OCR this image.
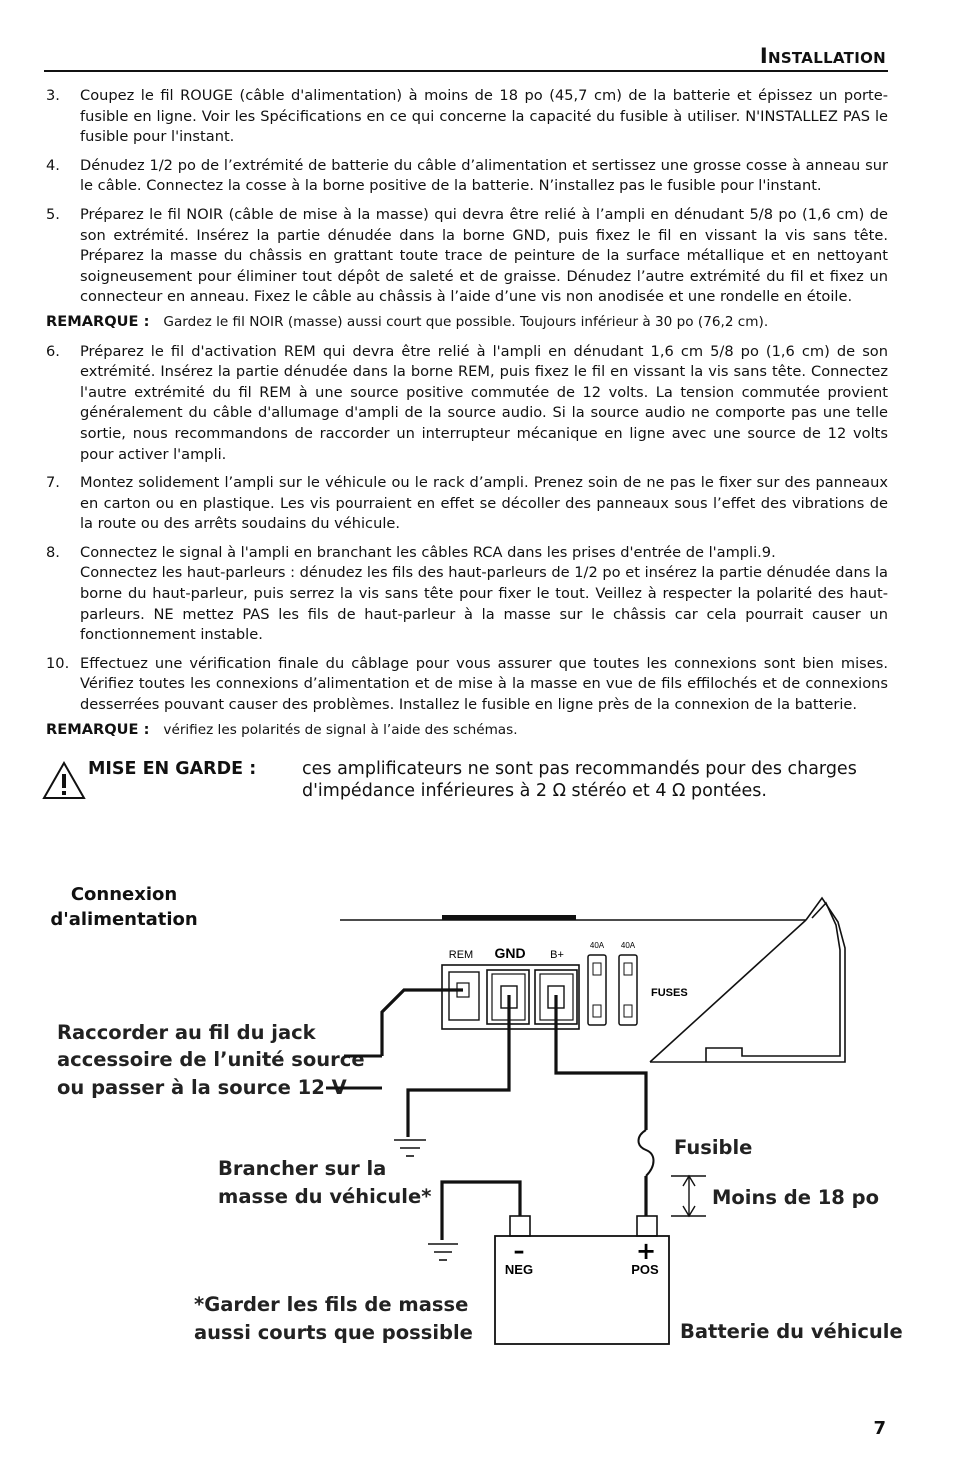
Installation
3.	Coupez le fil ROUGE (câble d'alimentation) à moins de 18 po (45,7 cm) de la batterie et épissez un porte-fusible en ligne. Voir les Spécifications en ce qui concerne la capacité du fusible à utiliser. N'INSTALLEZ PAS le fusible pour l'instant.
4.	Dénudez 1/2 po de l’extrémité de batterie du câble d’alimentation et sertissez une grosse cosse à anneau sur le câble. Connectez la cosse à la borne positive de la batterie. N’installez pas le fusible pour l'instant.
5.	Préparez le fil NOIR (câble de mise à la masse) qui devra être relié à l’ampli en dénudant 5/8 po (1,6 cm) de son extrémité. Insérez la partie dénudée dans la borne GND, puis fixez le fil en vissant la vis sans tête. Préparez la masse du châssis en grattant toute trace de peinture de la surface métallique et en nettoyant soigneusement pour éliminer tout dépôt de saleté et de graisse. Dénudez l’autre extrémité du fil et fixez un connecteur en anneau. Fixez le câble au châssis à l’aide d’une vis non anodisée et une rondelle en étoile.
REMARQUE : Gardez le fil NOIR (masse) aussi court que possible. Toujours inférieur à 30 po (76,2 cm).
6.	Préparez le fil d'activation REM qui devra être relié à l'ampli en dénudant 1,6 cm 5/8 po (1,6 cm) de son extrémité. Insérez la partie dénudée dans la borne REM, puis fixez le fil en vissant la vis sans tête. Connectez l'autre extrémité du fil REM à une source positive commutée de 12 volts. La tension commutée provient généralement du câble d'allumage d'ampli de la source audio. Si la source audio ne comporte pas une telle sortie, nous recommandons de raccorder un interrupteur mécanique en ligne avec une source de 12 volts pour activer l'ampli.
7.	Montez solidement l’ampli sur le véhicule ou le rack d’ampli. Prenez soin de ne pas le fixer sur des panneaux en carton ou en plastique. Les vis pourraient en effet se décoller des panneaux sous l’effet des vibrations de la route ou des arrêts soudains du véhicule.
8.	Connectez le signal à l'ampli en branchant les câbles RCA dans les prises d'entrée de l'ampli.9.
Connectez les haut-parleurs : dénudez les fils des haut-parleurs de 1/2 po et insérez la partie dénudée dans la borne du haut-parleur, puis serrez la vis sans tête pour fixer le tout. Veillez à respecter la polarité des haut-parleurs. NE mettez PAS les fils de haut-parleur à la masse sur le châssis car cela pourrait causer un fonctionnement instable.
10. Effectuez une vérification finale du câblage pour vous assurer que toutes les connexions sont bien mises. Vérifiez toutes les connexions d’alimentation et de mise à la masse en vue de fils effilochés et de connexions desserrées pouvant causer des problèmes. Installez le fusible en ligne près de la connexion de la batterie.
REMARQUE : vérifiez les polarités de signal à l’aide des schémas.
MISE EN GARDE :	ces amplificateurs ne sont pas recommandés pour des charges d'impédance inférieures à 2 Ω stéréo et 4 Ω pontées.
Connexion
d'alimentation
REM GND B+
40A 40A
FUSES
Raccorder au fil du jack
accessoire de l’unité source
ou passer à la source 12 V
Fusible
Moins de 18 po
Brancher sur la
masse du véhicule*
–	+
NEG	POS
*Garder les fils de masse
aussi courts que possible	Batterie du véhicule
7
